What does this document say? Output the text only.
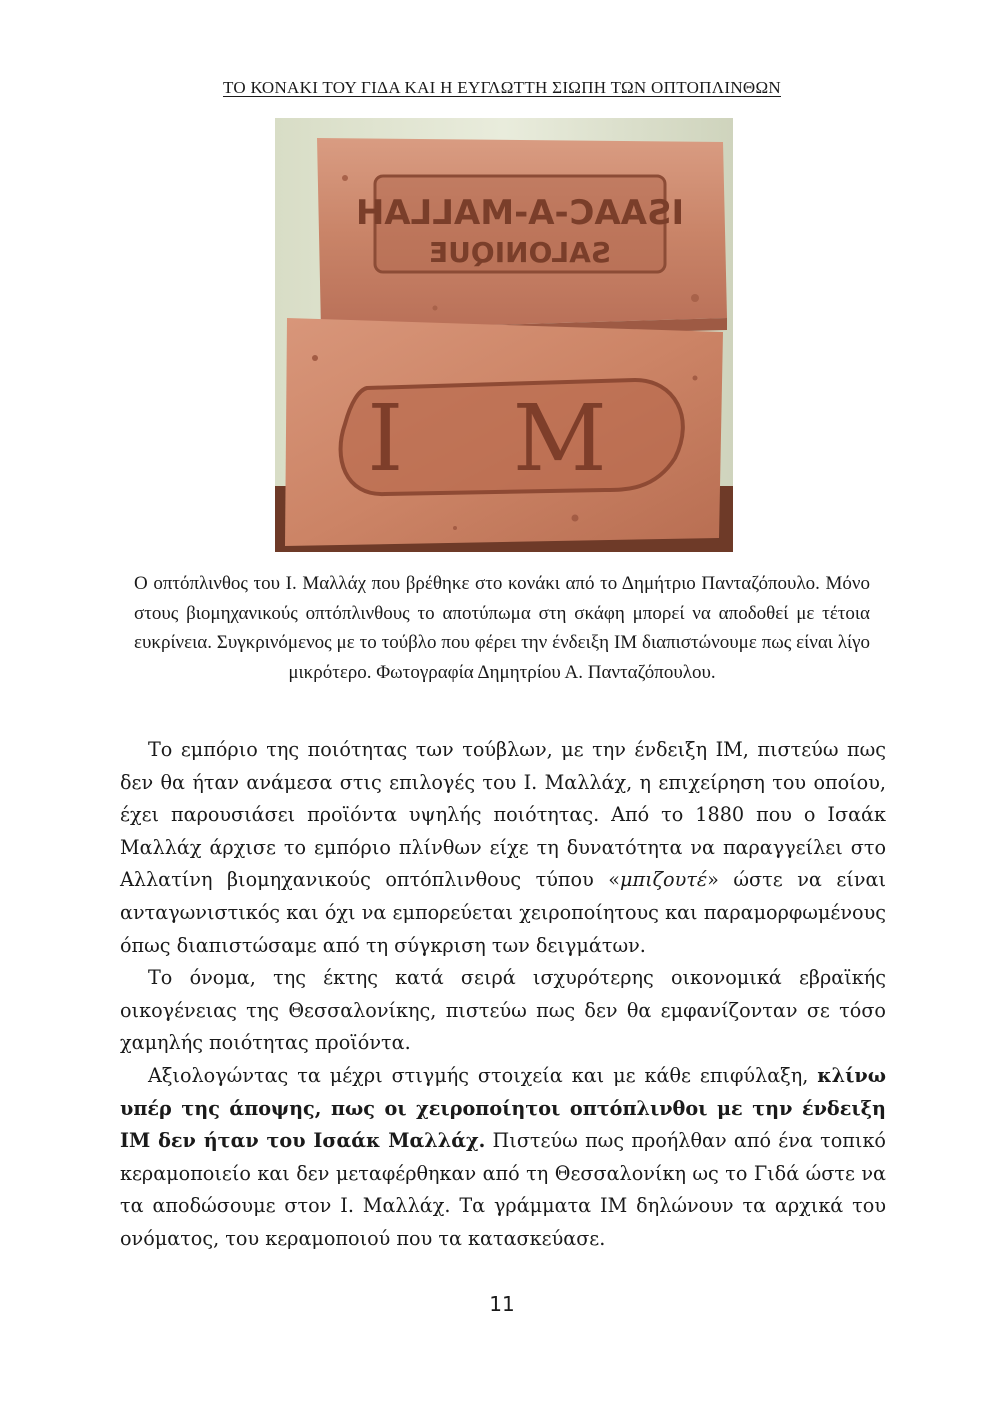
ΤΟ ΚΟΝΑΚΙ ΤΟΥ ΓΙΔΑ ΚΑΙ Η ΕΥΓΛΩΤΤΗ ΣΙΩΠΗ ΤΩΝ ΟΠΤΟΠΛΙΝΘΩΝ
ISAAC-A-MALLAH
SALONIQUE
I M
Ο οπτόπλινθος του Ι. Μαλλάχ που βρέθηκε στο κονάκι από το Δημήτριο Πανταζόπουλο. Μόνο στους βιομηχανικούς οπτόπλινθους το αποτύπωμα στη σκάφη μπορεί να αποδοθεί με τέτοια ευκρίνεια. Συγκρινόμενος με το τούβλο που φέρει την ένδειξη ΙΜ διαπιστώνουμε πως είναι λίγο μικρότερο. Φωτογραφία Δημητρίου Α. Πανταζόπουλου.

Το εμπόριο της ποιότητας των τούβλων, με την ένδειξη ΙΜ, πιστεύω πως δεν θα ήταν ανάμεσα στις επιλογές του Ι. Μαλλάχ, η επιχείρηση του οποίου, έχει παρουσιάσει προϊόντα υψηλής ποιότητας. Από το 1880 που ο Ισαάκ Μαλλάχ άρχισε το εμπόριο πλίνθων είχε τη δυνατότητα να παραγγείλει στο Αλλατίνη βιομηχανικούς οπτόπλινθους τύπου «μπιζουτέ» ώστε να είναι ανταγωνιστικός και όχι να εμπορεύεται χειροποίητους και παραμορφωμένους όπως διαπιστώσαμε από τη σύγκριση των δειγμάτων.

Το όνομα, της έκτης κατά σειρά ισχυρότερης οικονομικά εβραϊκής οικογένειας της Θεσσαλονίκης, πιστεύω πως δεν θα εμφανίζονταν σε τόσο χαμηλής ποιότητας προϊόντα.

Αξιολογώντας τα μέχρι στιγμής στοιχεία και με κάθε επιφύλαξη, κλίνω υπέρ της άποψης, πως οι χειροποίητοι οπτόπλινθοι με την ένδειξη ΙΜ δεν ήταν του Ισαάκ Μαλλάχ. Πιστεύω πως προήλθαν από ένα τοπικό κεραμοποιείο και δεν μεταφέρθηκαν από τη Θεσσαλονίκη ως το Γιδά ώστε να τα αποδώσουμε στον Ι. Μαλλάχ. Τα γράμματα ΙΜ δηλώνουν τα αρχικά του ονόματος, του κεραμοποιού που τα κατασκεύασε.

11
